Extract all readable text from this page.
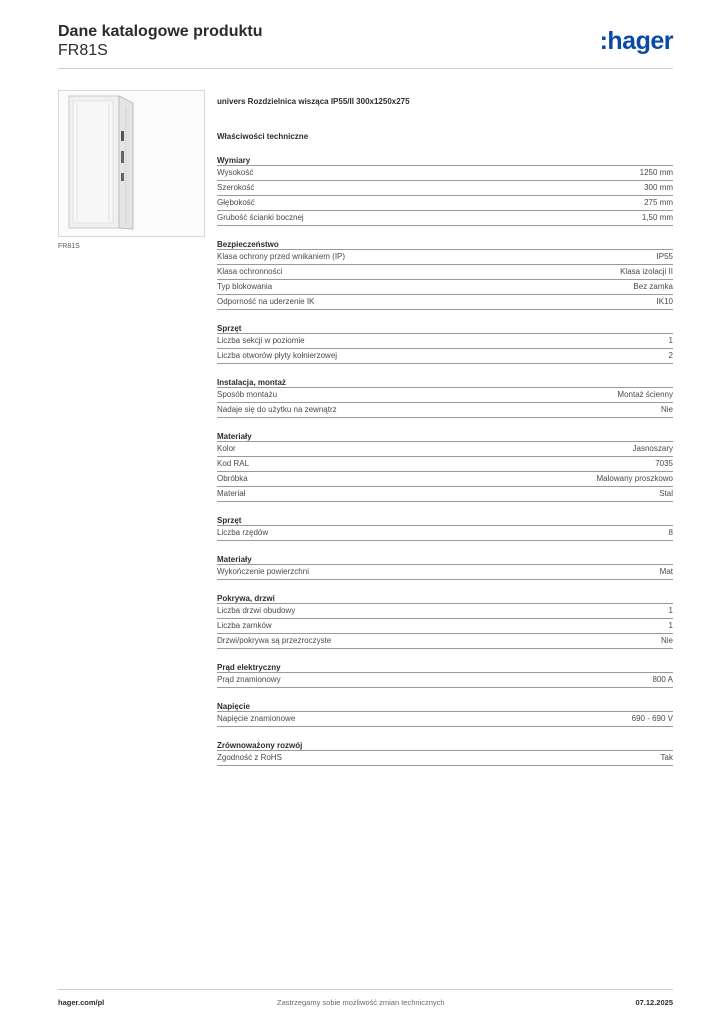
Dane katalogowe produktu
FR81S	:hager
FR81S
univers Rozdzielnica wisząca IP55/II 300x1250x275
Właściwości techniczne
Wymiary
Wysokość	1250 mm
Szerokość	300 mm
Głębokość	275 mm
Grubość ścianki bocznej	1,50 mm
Bezpieczeństwo
Klasa ochrony przed wnikaniem (IP)	IP55
Klasa ochronności	Klasa izolacji II
Typ blokowania	Bez zamka
Odporność na uderzenie IK	IK10
Sprzęt
Liczba sekcji w poziomie	1
Liczba otworów płyty kołnierzowej	2
Instalacja, montaż
Sposób montażu	Montaż ścienny
Nadaje się do użytku na zewnątrz	Nie
Materiały
Kolor	Jasnoszary
Kod RAL	7035
Obróbka	Malowany proszkowo
Materiał	Stal
Sprzęt
Liczba rzędów	8
Materiały
Wykończenie powierzchni	Mat
Pokrywa, drzwi
Liczba drzwi obudowy	1
Liczba zamków	1
Drzwi/pokrywa są przezroczyste	Nie
Prąd elektryczny
Prąd znamionowy	800 A
Napięcie
Napięcie znamionowe	690 - 690 V
Zrównoważony rozwój
Zgodność z RoHS	Tak
hager.com/pl	Zastrzegamy sobie możliwość zmian technicznych	07.12.2025
